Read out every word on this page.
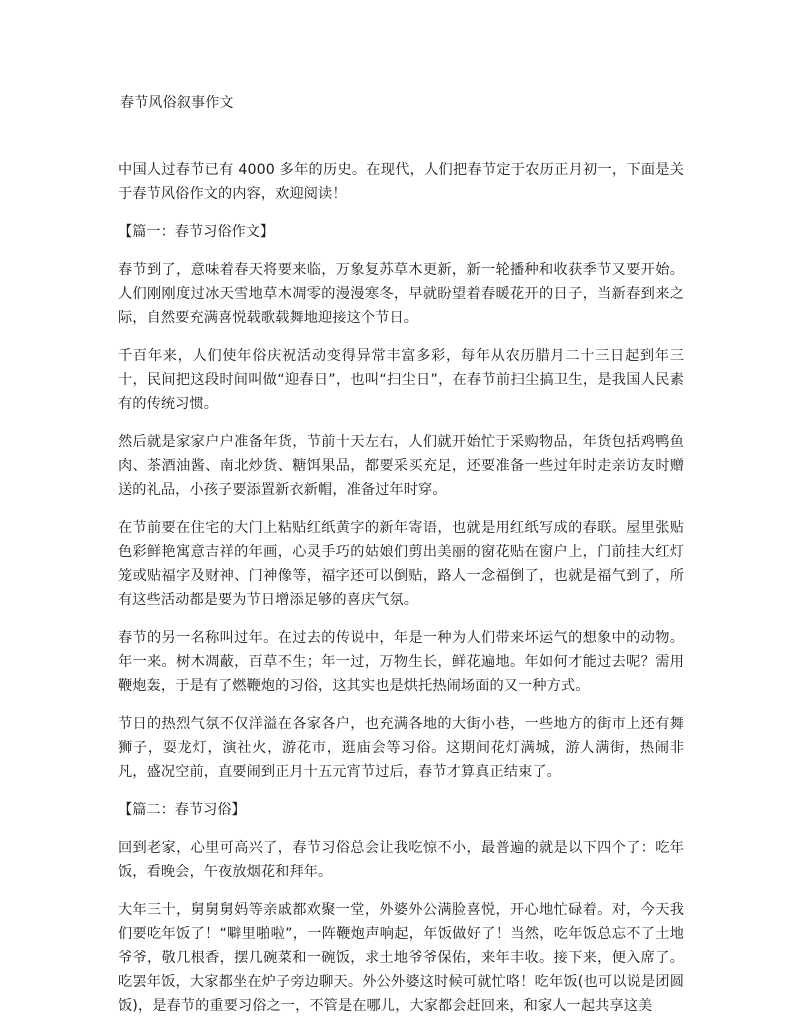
春节风俗叙事作文

中国人过春节已有 4000 多年的历史。在现代，人们把春节定于农历正月初一，下面是关于春节风俗作文的内容，欢迎阅读！

【篇一：春节习俗作文】

春节到了，意味着春天将要来临，万象复苏草木更新，新一轮播种和收获季节又要开始。人们刚刚度过冰天雪地草木凋零的漫漫寒冬，早就盼望着春暖花开的日子，当新春到来之际，自然要充满喜悦载歌载舞地迎接这个节日。

千百年来，人们使年俗庆祝活动变得异常丰富多彩，每年从农历腊月二十三日起到年三十，民间把这段时间叫做“迎春日”，也叫“扫尘日”，在春节前扫尘搞卫生，是我国人民素有的传统习惯。

然后就是家家户户准备年货，节前十天左右，人们就开始忙于采购物品，年货包括鸡鸭鱼肉、茶酒油酱、南北炒货、糖饵果品，都要采买充足，还要准备一些过年时走亲访友时赠送的礼品，小孩子要添置新衣新帽，准备过年时穿。

在节前要在住宅的大门上粘贴红纸黄字的新年寄语，也就是用红纸写成的春联。屋里张贴色彩鲜艳寓意吉祥的年画，心灵手巧的姑娘们剪出美丽的窗花贴在窗户上，门前挂大红灯笼或贴福字及财神、门神像等，福字还可以倒贴，路人一念福倒了，也就是福气到了，所有这些活动都是要为节日增添足够的喜庆气氛。

春节的另一名称叫过年。在过去的传说中，年是一种为人们带来坏运气的想象中的动物。年一来。树木凋蔽，百草不生；年一过，万物生长，鲜花遍地。年如何才能过去呢？需用鞭炮轰，于是有了燃鞭炮的习俗，这其实也是烘托热闹场面的又一种方式。

节日的热烈气氛不仅洋溢在各家各户，也充满各地的大街小巷，一些地方的街市上还有舞狮子，耍龙灯，演社火，游花市，逛庙会等习俗。这期间花灯满城，游人满街，热闹非凡，盛况空前，直要闹到正月十五元宵节过后，春节才算真正结束了。

【篇二：春节习俗】

回到老家，心里可高兴了，春节习俗总会让我吃惊不小，最普遍的就是以下四个了：吃年饭，看晚会，午夜放烟花和拜年。

大年三十，舅舅舅妈等亲戚都欢聚一堂，外婆外公满脸喜悦，开心地忙碌着。对，今天我们要吃年饭了！“噼里啪啦”，一阵鞭炮声响起，年饭做好了！当然，吃年饭总忘不了土地爷爷，敬几根香，摆几碗菜和一碗饭，求土地爷爷保佑，来年丰收。接下来，便入席了。吃罢年饭，大家都坐在炉子旁边聊天。外公外婆这时候可就忙咯！吃年饭(也可以说是团圆饭)，是春节的重要习俗之一，不管是在哪儿，大家都会赶回来，和家人一起共享这美
